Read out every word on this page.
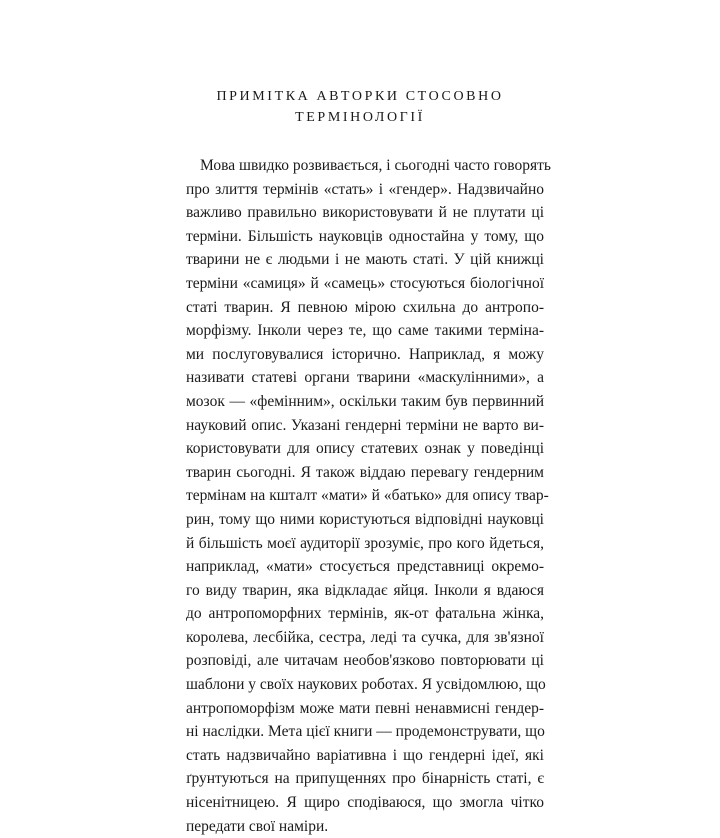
ПРИМІТКА АВТОРКИ СТОСОВНО
ТЕРМІНОЛОГІЇ
Мова швидко розвивається, і сьогодні часто говорять
про злиття термінів «стать» і «гендер». Надзвичайно
важливо правильно використовувати й не плутати ці
терміни. Більшість науковців одностайна у тому, що
тварини не є людьми і не мають статі. У цій книжці
терміни «самиця» й «самець» стосуються біологічної
статі тварин. Я певною мірою схильна до антропо-
морфізму. Інколи через те, що саме такими терміна-
ми послуговувалися історично. Наприклад, я можу
називати статеві органи тварини «маскулінними», а
мозок — «фемінним», оскільки таким був первинний
науковий опис. Указані гендерні терміни не варто ви-
користовувати для опису статевих ознак у поведінці
тварин сьогодні. Я також віддаю перевагу гендерним
термінам на кшталт «мати» й «батько» для опису твар-
рин, тому що ними користуються відповідні науковці
й більшість моєї аудиторії зрозуміє, про кого йдеться,
наприклад, «мати» стосується представниці окремо-
го виду тварин, яка відкладає яйця. Інколи я вдаюся
до антропоморфних термінів, як-от фатальна жінка,
королева, лесбійка, сестра, леді та сучка, для зв'язної
розповіді, але читачам необов'язково повторювати ці
шаблони у своїх наукових роботах. Я усвідомлюю, що
антропоморфізм може мати певні ненавмисні гендер-
ні наслідки. Мета цієї книги — продемонструвати, що
стать надзвичайно варіативна і що гендерні ідеї, які
ґрунтуються на припущеннях про бінарність статі, є
нісенітницею. Я щиро сподіваюся, що змогла чітко
передати свої наміри.
